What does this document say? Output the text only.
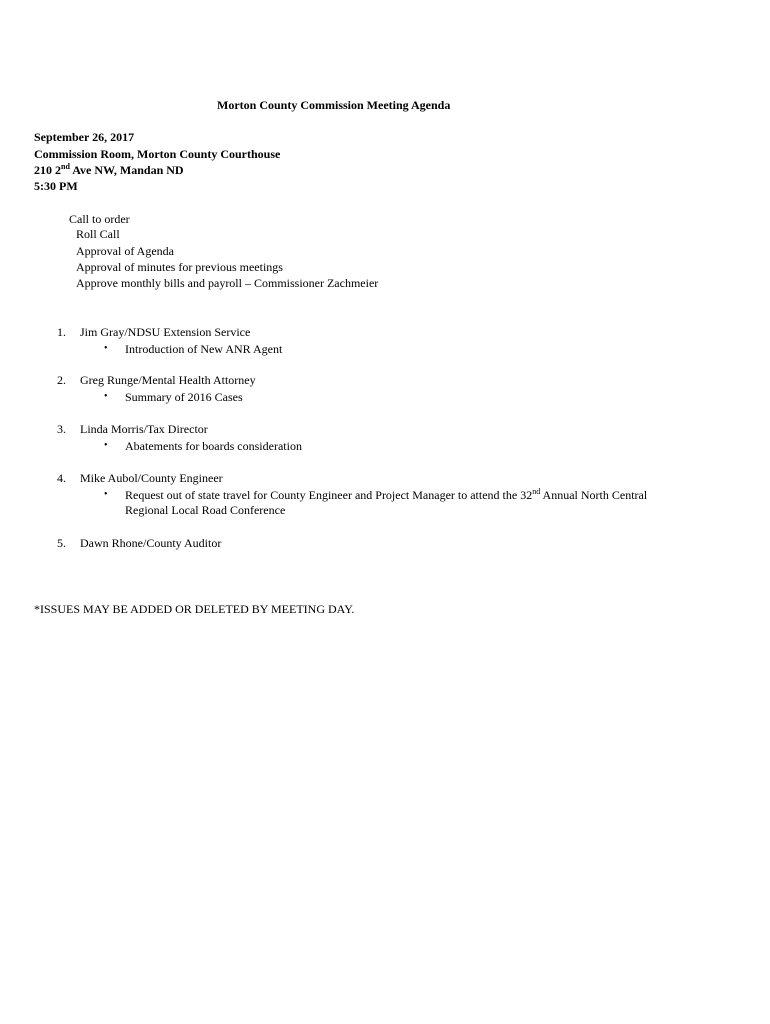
Morton County Commission Meeting Agenda
September 26, 2017
Commission Room, Morton County Courthouse
210 2nd Ave NW, Mandan ND
5:30 PM
Call to order
Roll Call
Approval of Agenda
Approval of minutes for previous meetings
Approve monthly bills and payroll – Commissioner Zachmeier
1. Jim Gray/NDSU Extension Service
• Introduction of New ANR Agent
2. Greg Runge/Mental Health Attorney
• Summary of 2016 Cases
3. Linda Morris/Tax Director
• Abatements for boards consideration
4. Mike Aubol/County Engineer
• Request out of state travel for County Engineer and Project Manager to attend the 32nd Annual North Central
Regional Local Road Conference
5. Dawn Rhone/County Auditor
*ISSUES MAY BE ADDED OR DELETED BY MEETING DAY.
